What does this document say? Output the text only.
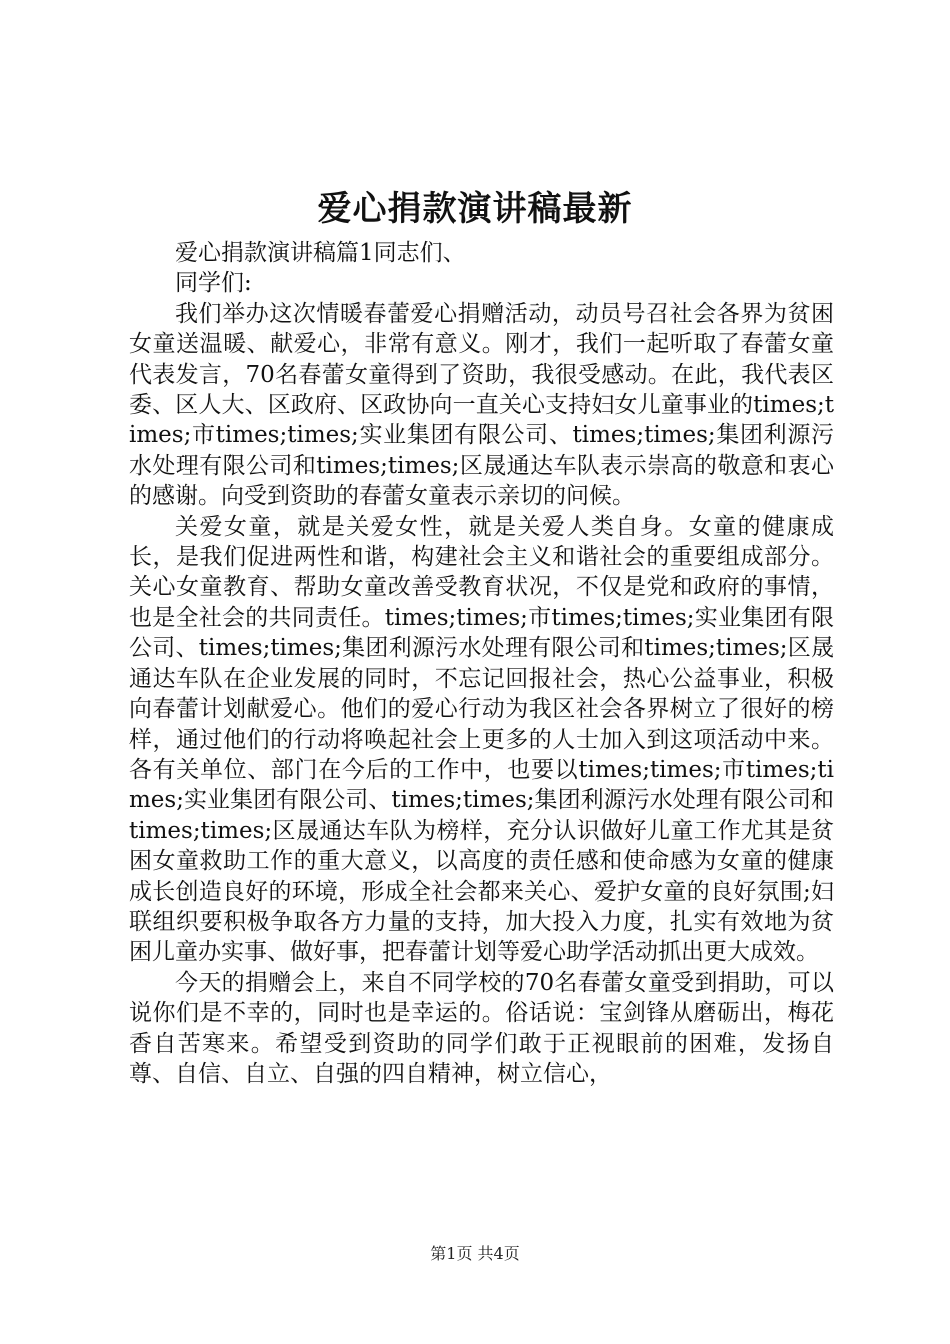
爱心捐款演讲稿最新

爱心捐款演讲稿篇1同志们、

同学们:

我们举办这次情暖春蕾爱心捐赠活动，动员号召社会各界为贫困女童送温暖、献爱心，非常有意义。刚才，我们一起听取了春蕾女童代表发言，70名春蕾女童得到了资助，我很受感动。在此，我代表区委、区人大、区政府、区政协向一直关心支持妇女儿童事业的times;times;市times;times;实业集团有限公司、times;times;集团利源污水处理有限公司和times;times;区晟通达车队表示崇高的敬意和衷心的感谢。向受到资助的春蕾女童表示亲切的问候。

关爱女童，就是关爱女性，就是关爱人类自身。女童的健康成长，是我们促进两性和谐，构建社会主义和谐社会的重要组成部分。关心女童教育、帮助女童改善受教育状况，不仅是党和政府的事情，也是全社会的共同责任。times;times;市times;times;实业集团有限公司、times;times;集团利源污水处理有限公司和times;times;区晟通达车队在企业发展的同时，不忘记回报社会，热心公益事业，积极向春蕾计划献爱心。他们的爱心行动为我区社会各界树立了很好的榜样，通过他们的行动将唤起社会上更多的人士加入到这项活动中来。各有关单位、部门在今后的工作中，也要以times;times;市times;times;实业集团有限公司、times;times;集团利源污水处理有限公司和times;times;区晟通达车队为榜样，充分认识做好儿童工作尤其是贫困女童救助工作的重大意义，以高度的责任感和使命感为女童的健康成长创造良好的环境，形成全社会都来关心、爱护女童的良好氛围;妇联组织要积极争取各方力量的支持，加大投入力度，扎实有效地为贫困儿童办实事、做好事，把春蕾计划等爱心助学活动抓出更大成效。

今天的捐赠会上，来自不同学校的70名春蕾女童受到捐助，可以说你们是不幸的，同时也是幸运的。俗话说：宝剑锋从磨砺出，梅花香自苦寒来。希望受到资助的同学们敢于正视眼前的困难，发扬自尊、自信、自立、自强的四自精神，树立信心，

第1页 共4页
